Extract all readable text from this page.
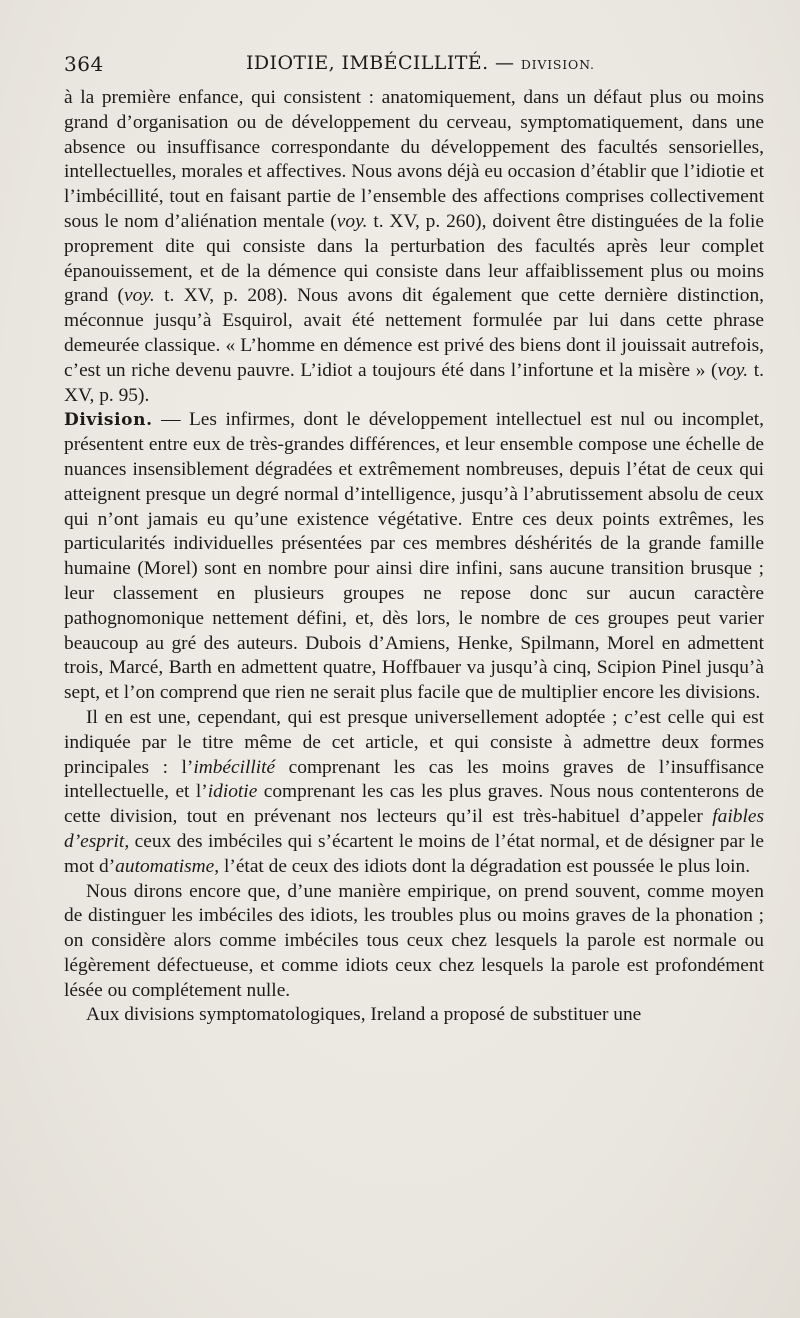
364	IDIOTIE, IMBÉCILLITÉ. — DIVISION.

à la première enfance, qui consistent : anatomiquement, dans un défaut plus ou moins grand d’organisation ou de développement du cerveau, symptomatiquement, dans une absence ou insuffisance correspondante du développement des facultés sensorielles, intellectuelles, morales et affectives. Nous avons déjà eu occasion d’établir que l’idiotie et l’imbécillité, tout en faisant partie de l’ensemble des affections comprises collectivement sous le nom d’aliénation mentale (voy. t. XV, p. 260), doivent être distinguées de la folie proprement dite qui consiste dans la perturbation des facultés après leur complet épanouissement, et de la démence qui consiste dans leur affaiblissement plus ou moins grand (voy. t. XV, p. 208). Nous avons dit également que cette dernière distinction, méconnue jusqu’à Esquirol, avait été nettement formulée par lui dans cette phrase demeurée classique. « L’homme en démence est privé des biens dont il jouissait autrefois, c’est un riche devenu pauvre. L’idiot a toujours été dans l’infortune et la misère » (voy. t. XV, p. 95).

Division. — Les infirmes, dont le développement intellectuel est nul ou incomplet, présentent entre eux de très-grandes différences, et leur ensemble compose une échelle de nuances insensiblement dégradées et extrêmement nombreuses, depuis l’état de ceux qui atteignent presque un degré normal d’intelligence, jusqu’à l’abrutissement absolu de ceux qui n’ont jamais eu qu’une existence végétative. Entre ces deux points extrêmes, les particularités individuelles présentées par ces membres déshérités de la grande famille humaine (Morel) sont en nombre pour ainsi dire infini, sans aucune transition brusque ; leur classement en plusieurs groupes ne repose donc sur aucun caractère pathognomonique nettement défini, et, dès lors, le nombre de ces groupes peut varier beaucoup au gré des auteurs. Dubois d’Amiens, Henke, Spilmann, Morel en admettent trois, Marcé, Barth en admettent quatre, Hoffbauer va jusqu’à cinq, Scipion Pinel jusqu’à sept, et l’on comprend que rien ne serait plus facile que de multiplier encore les divisions.

Il en est une, cependant, qui est presque universellement adoptée ; c’est celle qui est indiquée par le titre même de cet article, et qui consiste à admettre deux formes principales : l’imbécillité comprenant les cas les moins graves de l’insuffisance intellectuelle, et l’idiotie comprenant les cas les plus graves. Nous nous contenterons de cette division, tout en prévenant nos lecteurs qu’il est très-habituel d’appeler faibles d’esprit, ceux des imbéciles qui s’écartent le moins de l’état normal, et de désigner par le mot d’automatisme, l’état de ceux des idiots dont la dégradation est poussée le plus loin.

Nous dirons encore que, d’une manière empirique, on prend souvent, comme moyen de distinguer les imbéciles des idiots, les troubles plus ou moins graves de la phonation ; on considère alors comme imbéciles tous ceux chez lesquels la parole est normale ou légèrement défectueuse, et comme idiots ceux chez lesquels la parole est profondément lésée ou complétement nulle.

Aux divisions symptomatologiques, Ireland a proposé de substituer une
